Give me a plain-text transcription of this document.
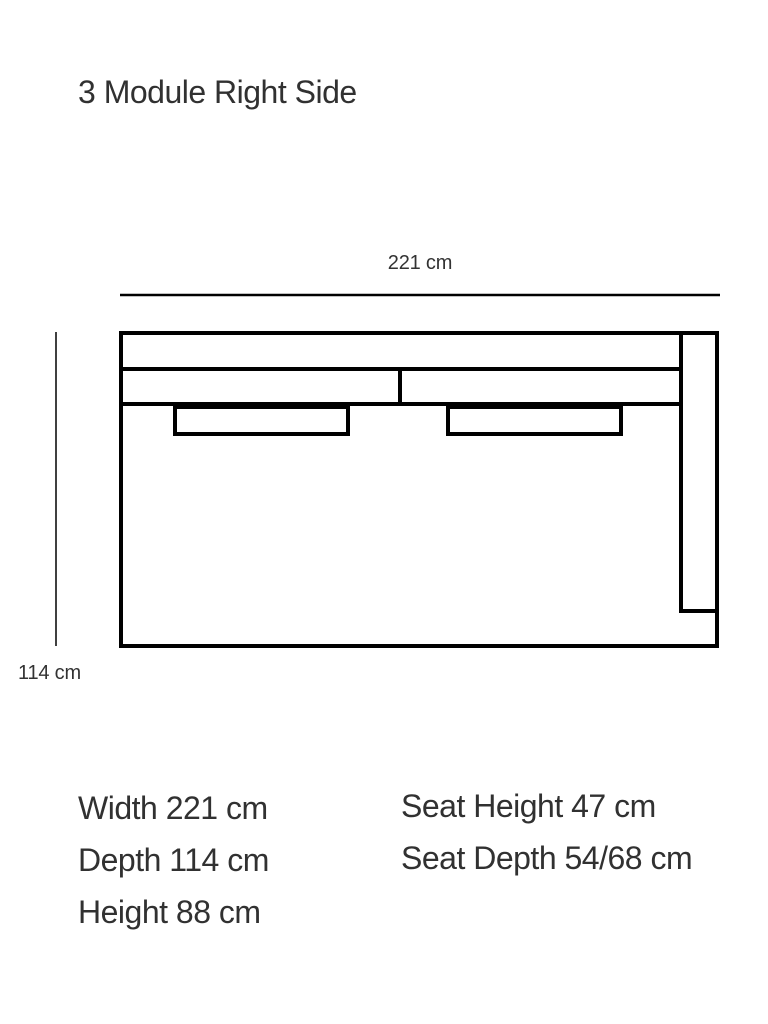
3 Module Right Side
221 cm
114 cm
Width 221 cm
Depth 114 cm
Height 88 cm
Seat Height 47 cm
Seat Depth 54/68 cm
